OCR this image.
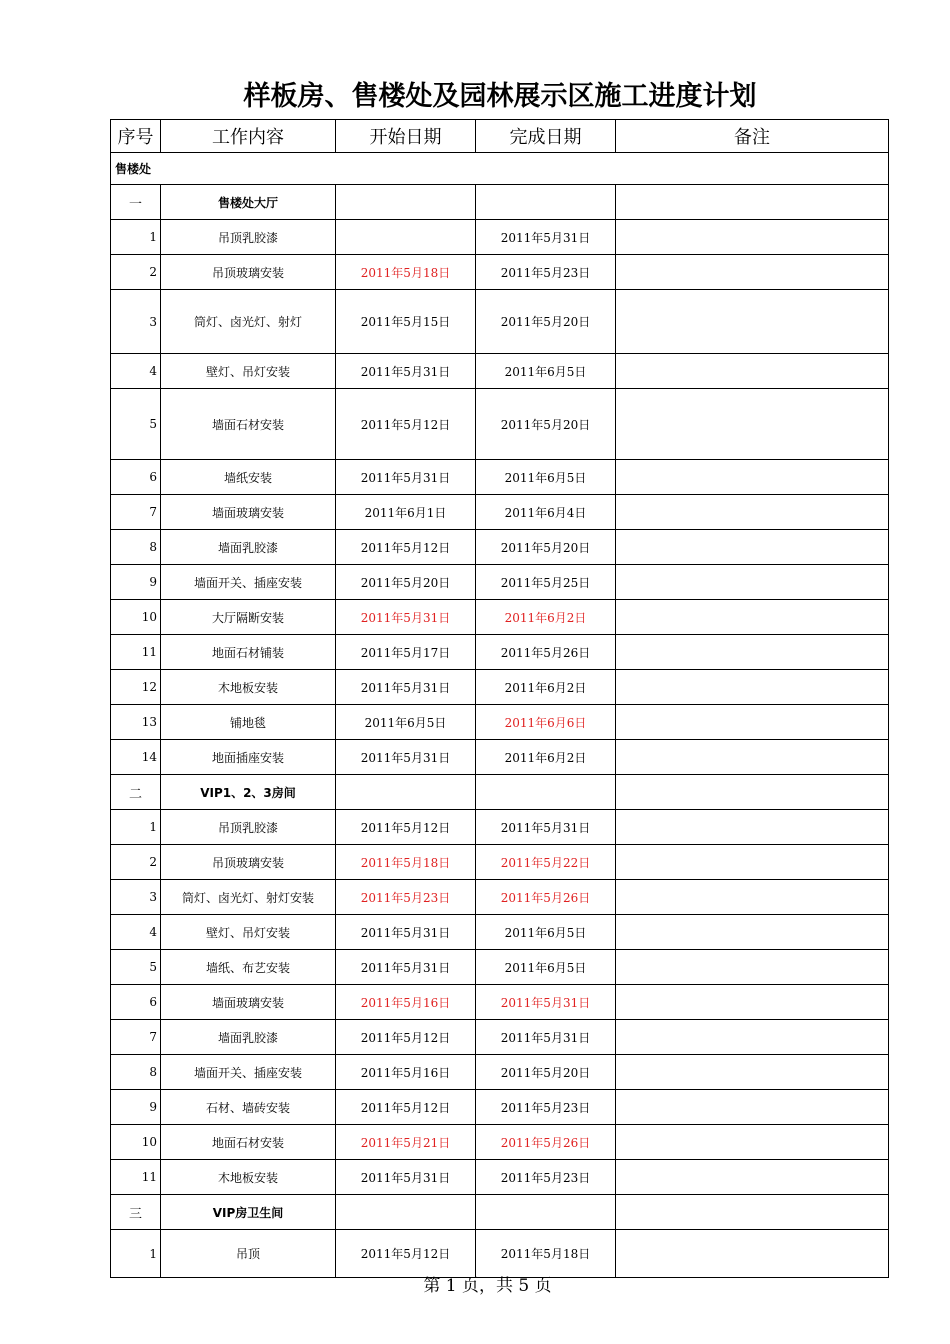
样板房、售楼处及园林展示区施工进度计划
序号	工作内容	开始日期	完成日期	备注
售楼处				
一	售楼处大厅			
1	吊顶乳胶漆		2011年5月31日	
2	吊顶玻璃安装	2011年5月18日	2011年5月23日	
3	筒灯、卤光灯、射灯	2011年5月15日	2011年5月20日	
4	壁灯、吊灯安装	2011年5月31日	2011年6月5日	
5	墙面石材安装	2011年5月12日	2011年5月20日	
6	墙纸安装	2011年5月31日	2011年6月5日	
7	墙面玻璃安装	2011年6月1日	2011年6月4日	
8	墙面乳胶漆	2011年5月12日	2011年5月20日	
9	墙面开关、插座安装	2011年5月20日	2011年5月25日	
10	大厅隔断安装	2011年5月31日	2011年6月2日	
11	地面石材铺装	2011年5月17日	2011年5月26日	
12	木地板安装	2011年5月31日	2011年6月2日	
13	铺地毯	2011年6月5日	2011年6月6日	
14	地面插座安装	2011年5月31日	2011年6月2日	
二	VIP1、2、3房间			
1	吊顶乳胶漆	2011年5月12日	2011年5月31日	
2	吊顶玻璃安装	2011年5月18日	2011年5月22日	
3	筒灯、卤光灯、射灯安装	2011年5月23日	2011年5月26日	
4	壁灯、吊灯安装	2011年5月31日	2011年6月5日	
5	墙纸、布艺安装	2011年5月31日	2011年6月5日	
6	墙面玻璃安装	2011年5月16日	2011年5月31日	
7	墙面乳胶漆	2011年5月12日	2011年5月31日	
8	墙面开关、插座安装	2011年5月16日	2011年5月20日	
9	石材、墙砖安装	2011年5月12日	2011年5月23日	
10	地面石材安装	2011年5月21日	2011年5月26日	
11	木地板安装	2011年5月31日	2011年5月23日	
三	VIP房卫生间			
1	吊顶	2011年5月12日	2011年5月18日	
第 1 页，共 5 页
